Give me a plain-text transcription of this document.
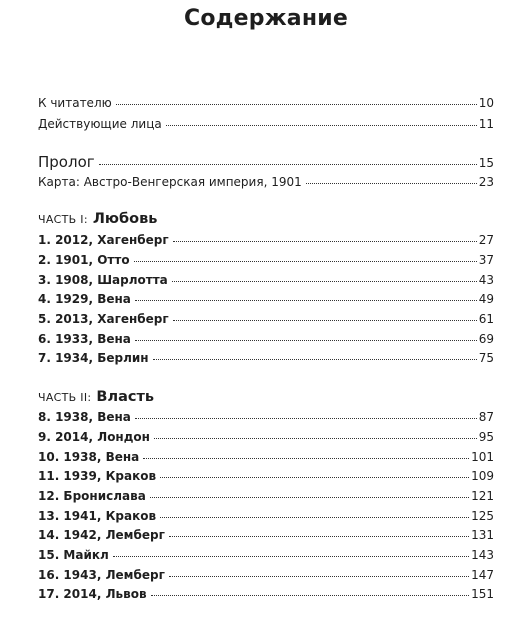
Содержание
К читателю	10
Действующие лица	11
Пролог	15
Карта: Австро-Венгерская империя, 1901	23
ЧАСТЬ I: Любовь
1. 2012, Хагенберг	27
2. 1901, Отто	37
3. 1908, Шарлотта	43
4. 1929, Вена	49
5. 2013, Хагенберг	61
6. 1933, Вена	69
7. 1934, Берлин	75
ЧАСТЬ II: Власть
8. 1938, Вена	87
9. 2014, Лондон	95
10. 1938, Вена	101
11. 1939, Краков	109
12. Бронислава	121
13. 1941, Краков	125
14. 1942, Лемберг	131
15. Майкл	143
16. 1943, Лемберг	147
17. 2014, Львов	151
